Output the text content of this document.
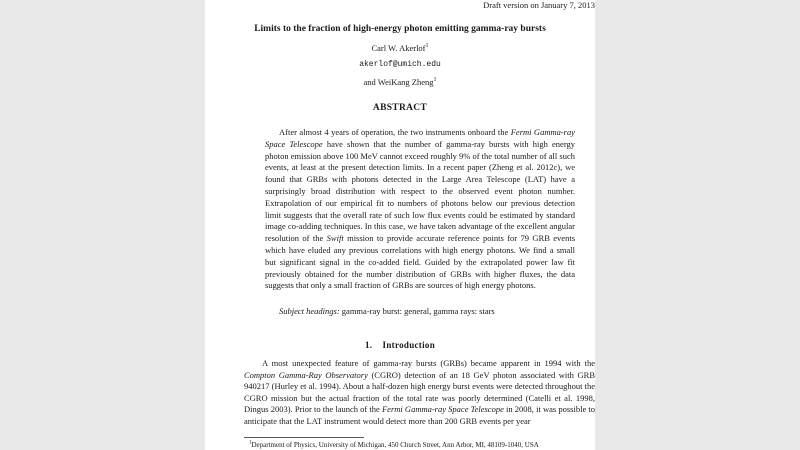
Draft version on January 7, 2013
Limits to the fraction of high-energy photon emitting gamma-ray bursts
Carl W. Akerlof$^1$
akerlof@umich.edu
and WeiKang Zheng$^1$
ABSTRACT

After almost 4 years of operation, the two instruments onboard the Fermi Gamma-ray Space Telescope have shown that the number of gamma-ray bursts with high energy photon emission above 100 MeV cannot exceed roughly 9% of the total number of all such events, at least at the present detection limits. In a recent paper (Zheng et al. 2012c), we found that GRBs with photons detected in the Large Area Telescope (LAT) have a surprisingly broad distribution with respect to the observed event photon number. Extrapolation of our empirical fit to numbers of photons below our previous detection limit suggests that the overall rate of such low flux events could be estimated by standard image co-adding techniques. In this case, we have taken advantage of the excellent angular resolution of the Swift mission to provide accurate reference points for 79 GRB events which have eluded any previous correlations with high energy photons. We find a small but significant signal in the co-added field. Guided by the extrapolated power law fit previously obtained for the number distribution of GRBs with higher fluxes, the data suggests that only a small fraction of GRBs are sources of high energy photons.

Subject headings: gamma-ray burst: general, gamma rays: stars
1.    Introduction

A most unexpected feature of gamma-ray bursts (GRBs) became apparent in 1994 with the Compton Gamma-Ray Observatory (CGRO) detection of an 18 GeV photon associated with GRB 940217 (Hurley et al. 1994). About a half-dozen high energy burst events were detected throughout the CGRO mission but the actual fraction of the total rate was poorly determined (Catelli et al. 1998, Dingus 2003). Prior to the launch of the Fermi Gamma-ray Space Telescope in 2008, it was possible to anticipate that the LAT instrument would detect more than 200 GRB events per year

$^1$Department of Physics, University of Michigan, 450 Church Street, Ann Arbor, MI, 48109-1040, USA
